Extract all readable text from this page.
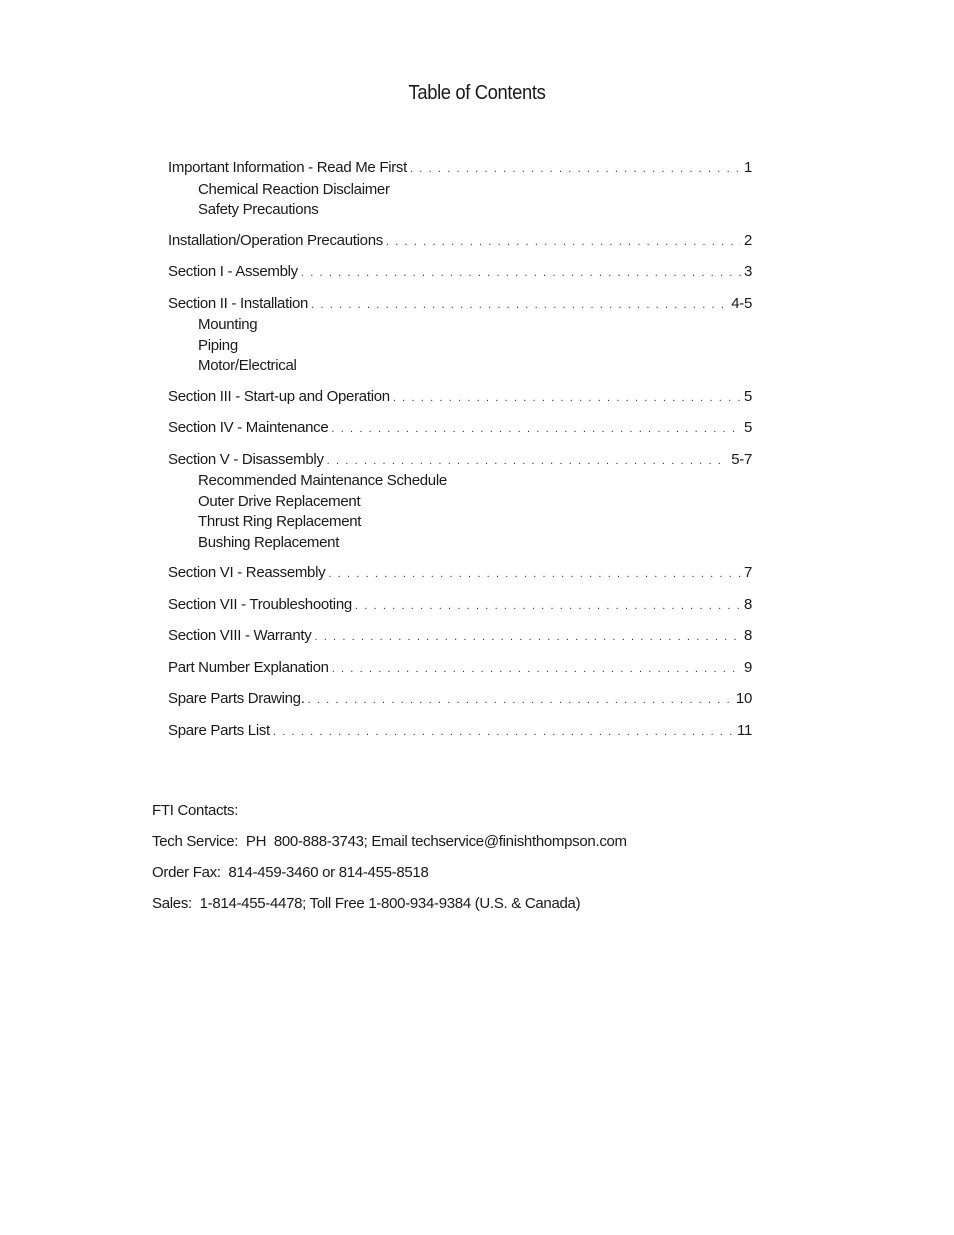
Table of Contents
Important Information - Read Me First . . .	1
Chemical Reaction Disclaimer
Safety Precautions
Installation/Operation Precautions . . .	2
Section I - Assembly . . .	3
Section II - Installation . . .	4-5
Mounting
Piping
Motor/Electrical
Section III - Start-up and Operation . . .	5
Section IV - Maintenance . . .	5
Section V - Disassembly . . .	5-7
Recommended Maintenance Schedule
Outer Drive Replacement
Thrust Ring Replacement
Bushing Replacement
Section VI - Reassembly . . .	7
Section VII - Troubleshooting . . .	8
Section VIII - Warranty . . .	8
Part Number Explanation . . .	9
Spare Parts Drawing. . . .	10
Spare Parts List . . .	11
FTI Contacts:
Tech Service:  PH  800-888-3743; Email techservice@finishthompson.com
Order Fax:  814-459-3460 or 814-455-8518
Sales:  1-814-455-4478; Toll Free 1-800-934-9384 (U.S. & Canada)
